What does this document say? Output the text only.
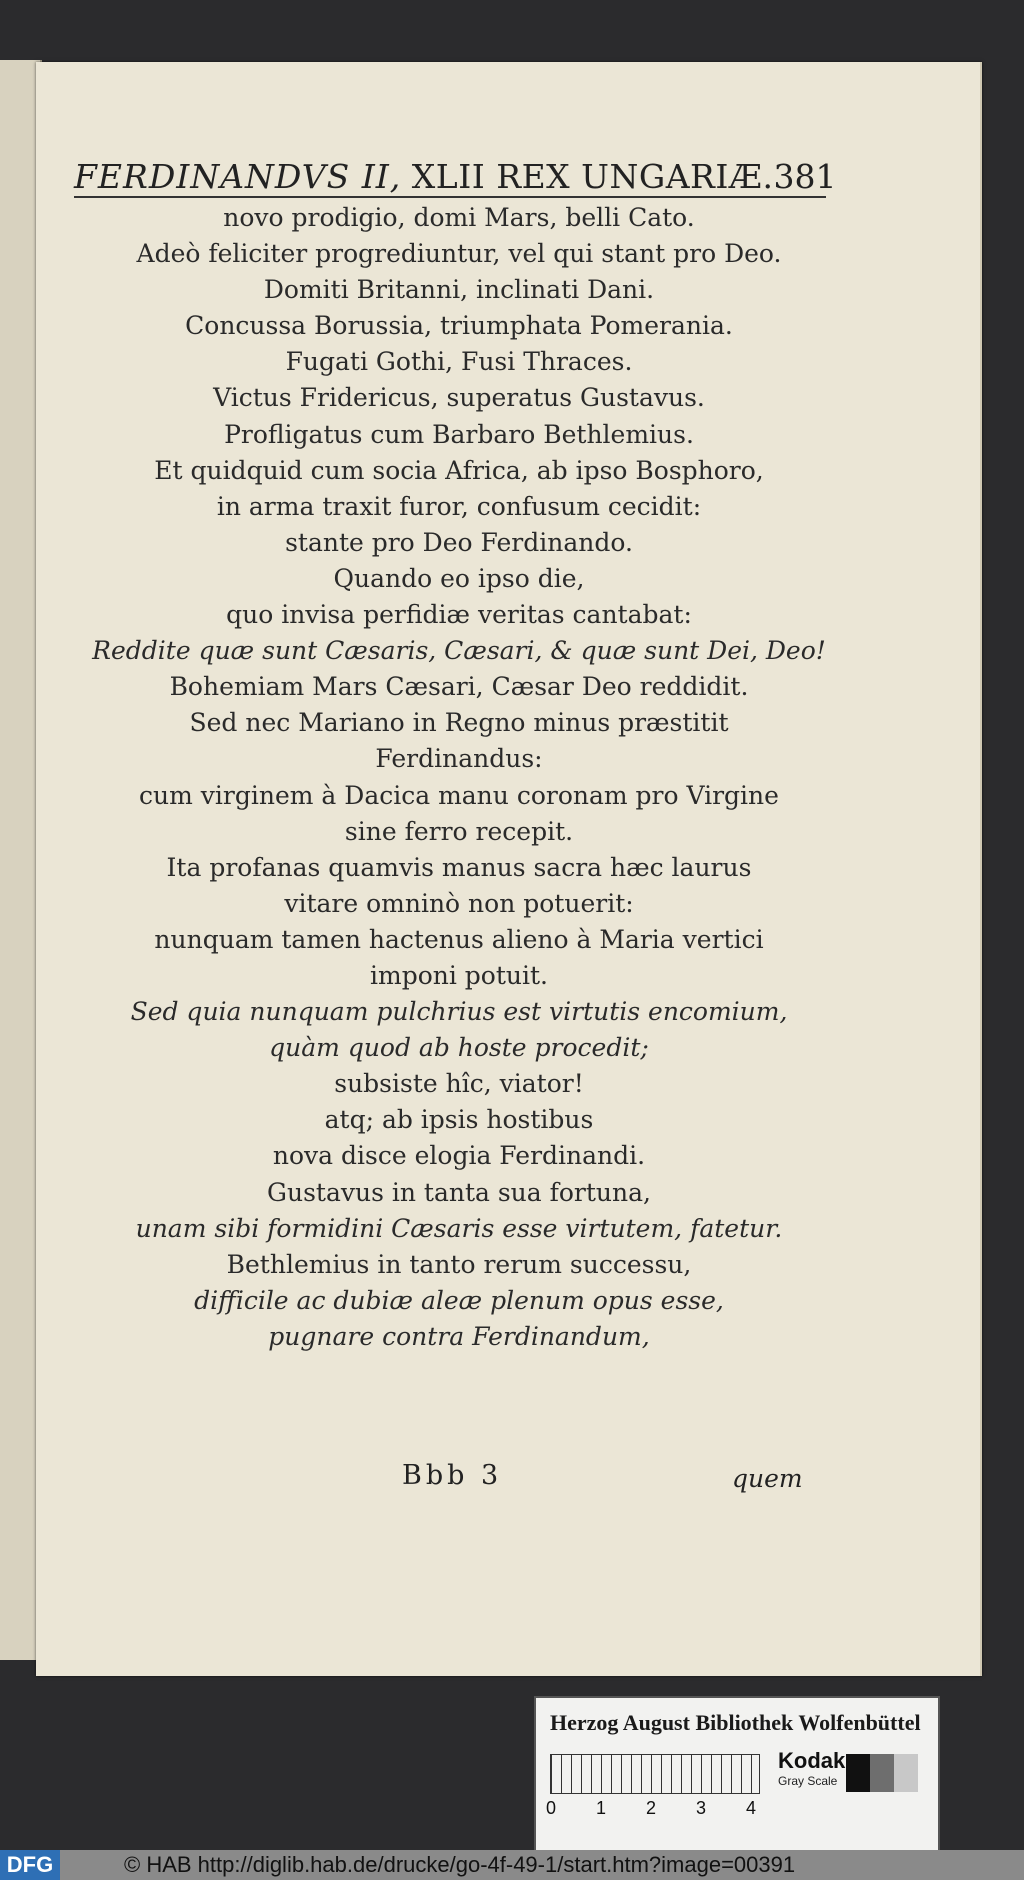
FERDINANDVS II, XLII REX UNGARIÆ. 381
novo prodigio, domi Mars, belli Cato.
Adeò feliciter progrediuntur, vel qui stant pro Deo.
Domiti Britanni, inclinati Dani.
Concussa Borussia, triumphata Pomerania.
Fugati Gothi, Fusi Thraces.
Victus Fridericus, superatus Gustavus.
Profligatus cum Barbaro Bethlemius.
Et quidquid cum socia Africa, ab ipso Bosphoro,
in arma traxit furor, confusum cecidit:
stante pro Deo Ferdinando.
Quando eo ipso die,
quo invisa perfidiæ veritas cantabat:
Reddite quæ sunt Cæsaris, Cæsari, & quæ sunt Dei, Deo!
Bohemiam Mars Cæsari, Cæsar Deo reddidit.
Sed nec Mariano in Regno minus præstitit
Ferdinandus:
cum virginem à Dacica manu coronam pro Virgine
sine ferro recepit.
Ita profanas quamvis manus sacra hæc laurus
vitare omninò non potuerit:
nunquam tamen hactenus alieno à Maria vertici
imponi potuit.
Sed quia nunquam pulchrius est virtutis encomium,
quàm quod ab hoste procedit;
subsiste hîc, viator!
atq; ab ipsis hostibus
nova disce elogia Ferdinandi.
Gustavus in tanta sua fortuna,
unam sibi formidini Cæsaris esse virtutem, fatetur.
Bethlemius in tanto rerum successu,
difficile ac dubiæ aleæ plenum opus esse,
pugnare contra Ferdinandum,
Bbb 3	quem
Herzog August Bibliothek Wolfenbüttel
0	1	2	3	4
Kodak
Gray Scale
DFG	© HAB http://diglib.hab.de/drucke/go-4f-49-1/start.htm?image=00391
